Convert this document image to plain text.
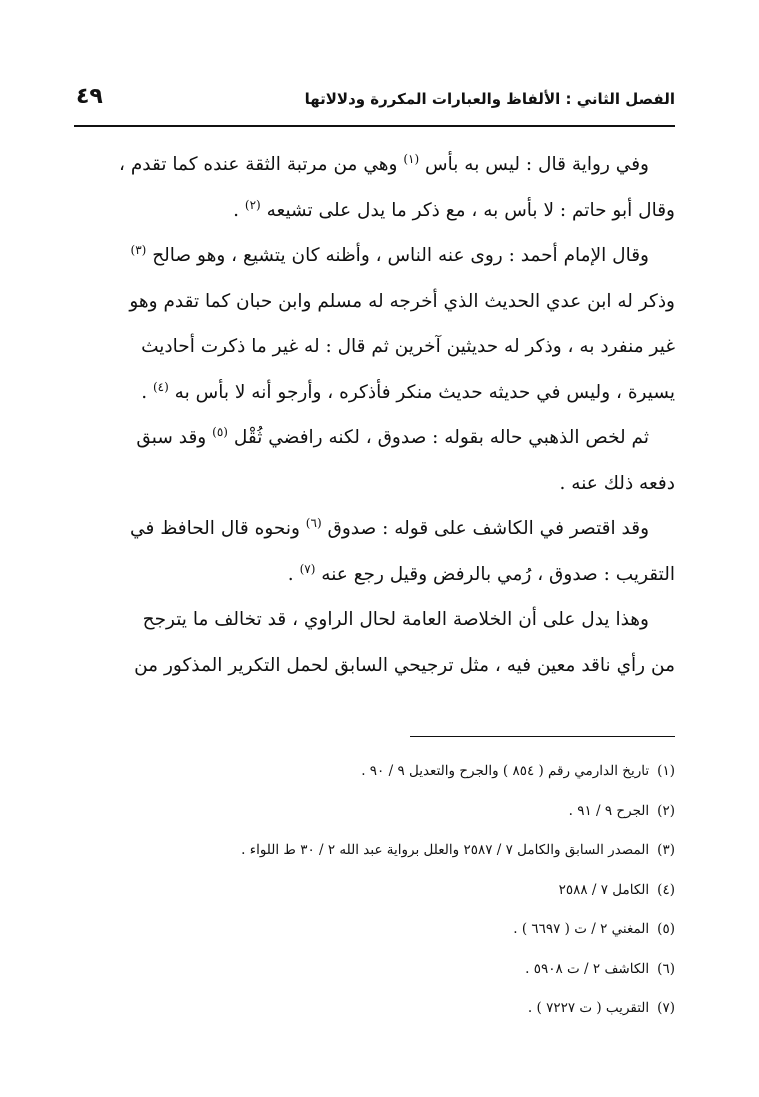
الفصل الثاني : الألفاظ والعبارات المكررة ودلالاتها
٤٩

وفي رواية قال : ليس به بأس $^{(١)}$ وهي من مرتبة الثقة عنده كما تقدم ،
وقال أبو حاتم : لا بأس به ، مع ذكر ما يدل على تشيعه $^{(٢)}$ .

وقال الإمام أحمد : روى عنه الناس ، وأظنه كان يتشيع ، وهو صالح $^{(٣)}$
وذكر له ابن عدي الحديث الذي أخرجه له مسلم وابن حبان كما تقدم وهو
غير منفرد به ، وذكر له حديثين آخرين ثم قال : له غير ما ذكرت أحاديث
يسيرة ، وليس في حديثه حديث منكر فأذكره ، وأرجو أنه لا بأس به $^{(٤)}$ .

ثم لخص الذهبي حاله بقوله : صدوق ، لكنه رافضي ثُقْل $^{(٥)}$ وقد سبق
دفعه ذلك عنه .

وقد اقتصر في الكاشف على قوله : صدوق $^{(٦)}$ ونحوه قال الحافظ في
التقريب : صدوق ، رُمي بالرفض وقيل رجع عنه $^{(٧)}$ .

وهذا يدل على أن الخلاصة العامة لحال الراوي ، قد تخالف ما يترجح
من رأي ناقد معين فيه ، مثل ترجيحي السابق لحمل التكرير المذكور من

(١)تاريخ الدارمي رقم ( ٨٥٤ ) والجرح والتعديل ٩ / ٩٠ .
(٢)الجرح ٩ / ٩١ .
(٣)المصدر السابق والكامل ٧ / ٢٥٨٧ والعلل برواية عبد الله ٢ / ٣٠ ط اللواء .
(٤)الكامل ٧ / ٢٥٨٨
(٥)المغني ٢ / ت ( ٦٦٩٧ ) .
(٦)الكاشف ٢ / ت ٥٩٠٨ .
(٧)التقريب ( ت ٧٢٢٧ ) .
